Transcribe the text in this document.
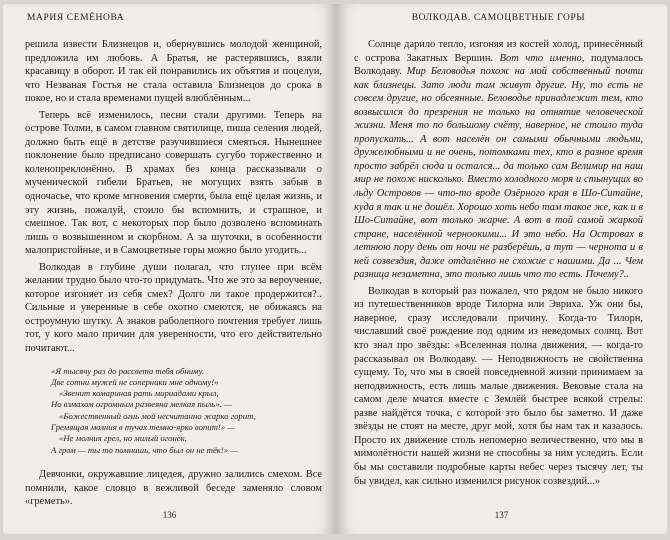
МАРИЯ СЕМЁНОВА

решила извести Близнецов и, обернувшись молодой женщиной, предложила им любовь. А Братья, не растерявшись, взяли красавицу в оборот. И так ей понравились их объятия и поцелуи, что Незваная Гостья не стала оставила Близнецов до срока в покое, но и стала временами пущей влюблённым...

Теперь всё изменилось, песни стали другими. Теперь на острове Толми, в самом главном святилище, пиша селения людей, должно быть ещё в детстве разучившиеся смеяться. Нынешнее поклонение было предписано совершать сугубо торжественно и коленопреклонённо. В храмах без конца рассказывали о мученической гибели Братьев, не могущих взять забыв в одночасье, что кроме мгновения смерти, была ещё целая жизнь, и эту жизнь, пожалуй, стоило бы вспомнить, и страшное, и смешное. Так вот, с некоторых пор было дозволено вспоминать лишь о возвышенном и скорбном. А за шуточки, в особенности малопристойные, и в Самоцветные горы можно было угодить...

Волкодав в глубине души полагал, что глупее при всём желании трудно было что-то придумать. Что же это за вероучение, которое изгоняет из себя смех? Долго ли такое продержится?.. Сильные и уверенные в себе охотно смеются, не обижаясь на остроумную шутку. А знаков раболепного почтения требует лишь тот, у кого мало причин для уверенности, что его действительно почитают...

«Я тысячу раз до рассвета тебя обниму.
Две сотни мужей не соперники мне одному!»
«Звенит комариная рать мириадами крыл,
Но взмахом огромным развеяна мелкая пыль». —
«Божественный огнь мой несчитанно жарко горит,
Гремящая молния в тучах темно-ярко вопит!» —
«Не молния грел, но милый огонёк,
А гром — ты то помнишь, что был он не тёк!» —

Девчонки, окружавшие лицедея, дружно залились смехом. Все помнили, какое словцо в вежливой беседе заменяло словом «греметь».

136
ВОЛКОДАВ. САМОЦВЕТНЫЕ ГОРЫ

Солнце дарило тепло, изгоняя из костей холод, принесённый с острова Закатных Вершин. Вот что именно, подумалось Волкодаву. Мир Беловодья похож на мой собственный почти как близнецы. Зато люди там живут другие. Ну, то есть не совсем другие, но обсеянные. Беловодье принадлежит тем, кто возвысился до презрения не только на отнятие человеческой жизни. Меня то по большому счёту, наверное, не стоило туда пропускать... А вот населён он самыми обычными людьми, дружелюбными и не очень, потомками тех, кто в разное время просто забрёл сюда и остался... да только сам Велимир на наш мир не похож нисколько. Вместо холодного моря и стынущих во льду Островов — что-то вроде Озёрного края в Шо-Ситайне, куда я так и не дошёл. Хорошо хоть небо там такое же, как и в Шо-Ситайне, вот только жарче. А вот в той самой жаркой стране, населённой черноокими... И это небо. На Островах в летнюю пору день от ночи не разберёшь, а тут — чернота и в ней созвездия, даже отдалённо не схожие с нашими. Да ... Чем разница незаметна, это только лишь что то есть. Почему?..

Волкодав в который раз пожалел, что рядом не было никого из путешественников вроде Тилорна или Эвриха. Уж они бы, наверное, сразу исследовали причину. Когда-то Тилорн, числавший своё рождение под одним из неведомых солнц. Вот кто знал про звёзды: «Вселенная полна движения, — когда-то рассказывал он Волкодаву. — Неподвижность не свойственна сущему. То, что мы в своей повседневной жизни принимаем за неподвижность, есть лишь малые движения. Вековые стала на самом деле мчатся вместе с Землёй быстрее всякой стрелы: разве найдётся точка, с которой это было бы заметно. И даже звёзды не стоят на месте, друг мой, хотя бы нам так и казалось. Просто их движение столь непомерно величественно, что мы в мимолётности нашей жизни не способны за ним уследить. Если бы мы составили подробные карты небес через тысячу лет, ты бы увидел, как сильно изменился рисунок созвездий...»

137
